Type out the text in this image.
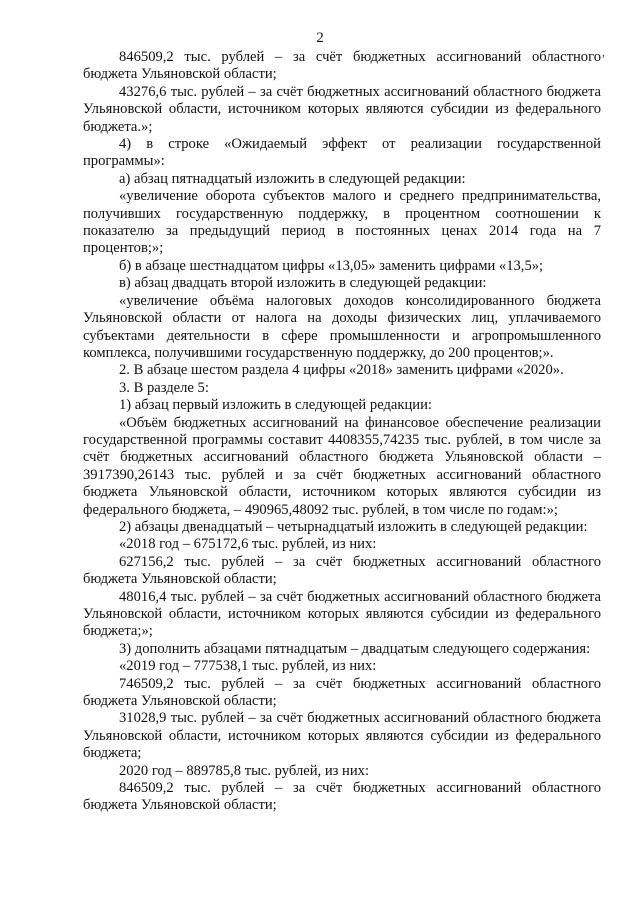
2
,

846509,2 тыс. рублей – за счёт бюджетных ассигнований областного бюджета Ульяновской области;

43276,6 тыс. рублей – за счёт бюджетных ассигнований областного бюджета Ульяновской области, источником которых являются субсидии из федерального бюджета.»;

4) в строке «Ожидаемый эффект от реализации государственной программы»:

а) абзац пятнадцатый изложить в следующей редакции:

«увеличение оборота субъектов малого и среднего предпринимательства, получивших государственную поддержку, в процентном соотношении к показателю за предыдущий период в постоянных ценах 2014 года на 7 процентов;»;

б) в абзаце шестнадцатом цифры «13,05» заменить цифрами «13,5»;

в) абзац двадцать второй изложить в следующей редакции:

«увеличение объёма налоговых доходов консолидированного бюджета Ульяновской области от налога на доходы физических лиц, уплачиваемого субъектами деятельности в сфере промышленности и агропромышленного комплекса, получившими государственную поддержку, до 200 процентов;».

2. В абзаце шестом раздела 4 цифры «2018» заменить цифрами «2020».

3. В разделе 5:

1) абзац первый изложить в следующей редакции:

«Объём бюджетных ассигнований на финансовое обеспечение реализации государственной программы составит 4408355,74235 тыс. рублей, в том числе за счёт бюджетных ассигнований областного бюджета Ульяновской области – 3917390,26143 тыс. рублей и за счёт бюджетных ассигнований областного бюджета Ульяновской области, источником которых являются субсидии из федерального бюджета, – 490965,48092 тыс. рублей, в том числе по годам:»;

2) абзацы двенадцатый – четырнадцатый изложить в следующей редакции:

«2018 год – 675172,6 тыс. рублей, из них:

627156,2 тыс. рублей – за счёт бюджетных ассигнований областного бюджета Ульяновской области;

48016,4 тыс. рублей – за счёт бюджетных ассигнований областного бюджета Ульяновской области, источником которых являются субсидии из федерального бюджета;»;

3) дополнить абзацами пятнадцатым – двадцатым следующего содержания:

«2019 год – 777538,1 тыс. рублей, из них:

746509,2 тыс. рублей – за счёт бюджетных ассигнований областного бюджета Ульяновской области;

31028,9 тыс. рублей – за счёт бюджетных ассигнований областного бюджета Ульяновской области, источником которых являются субсидии из федерального бюджета;

2020 год – 889785,8 тыс. рублей, из них:

846509,2 тыс. рублей – за счёт бюджетных ассигнований областного бюджета Ульяновской области;
